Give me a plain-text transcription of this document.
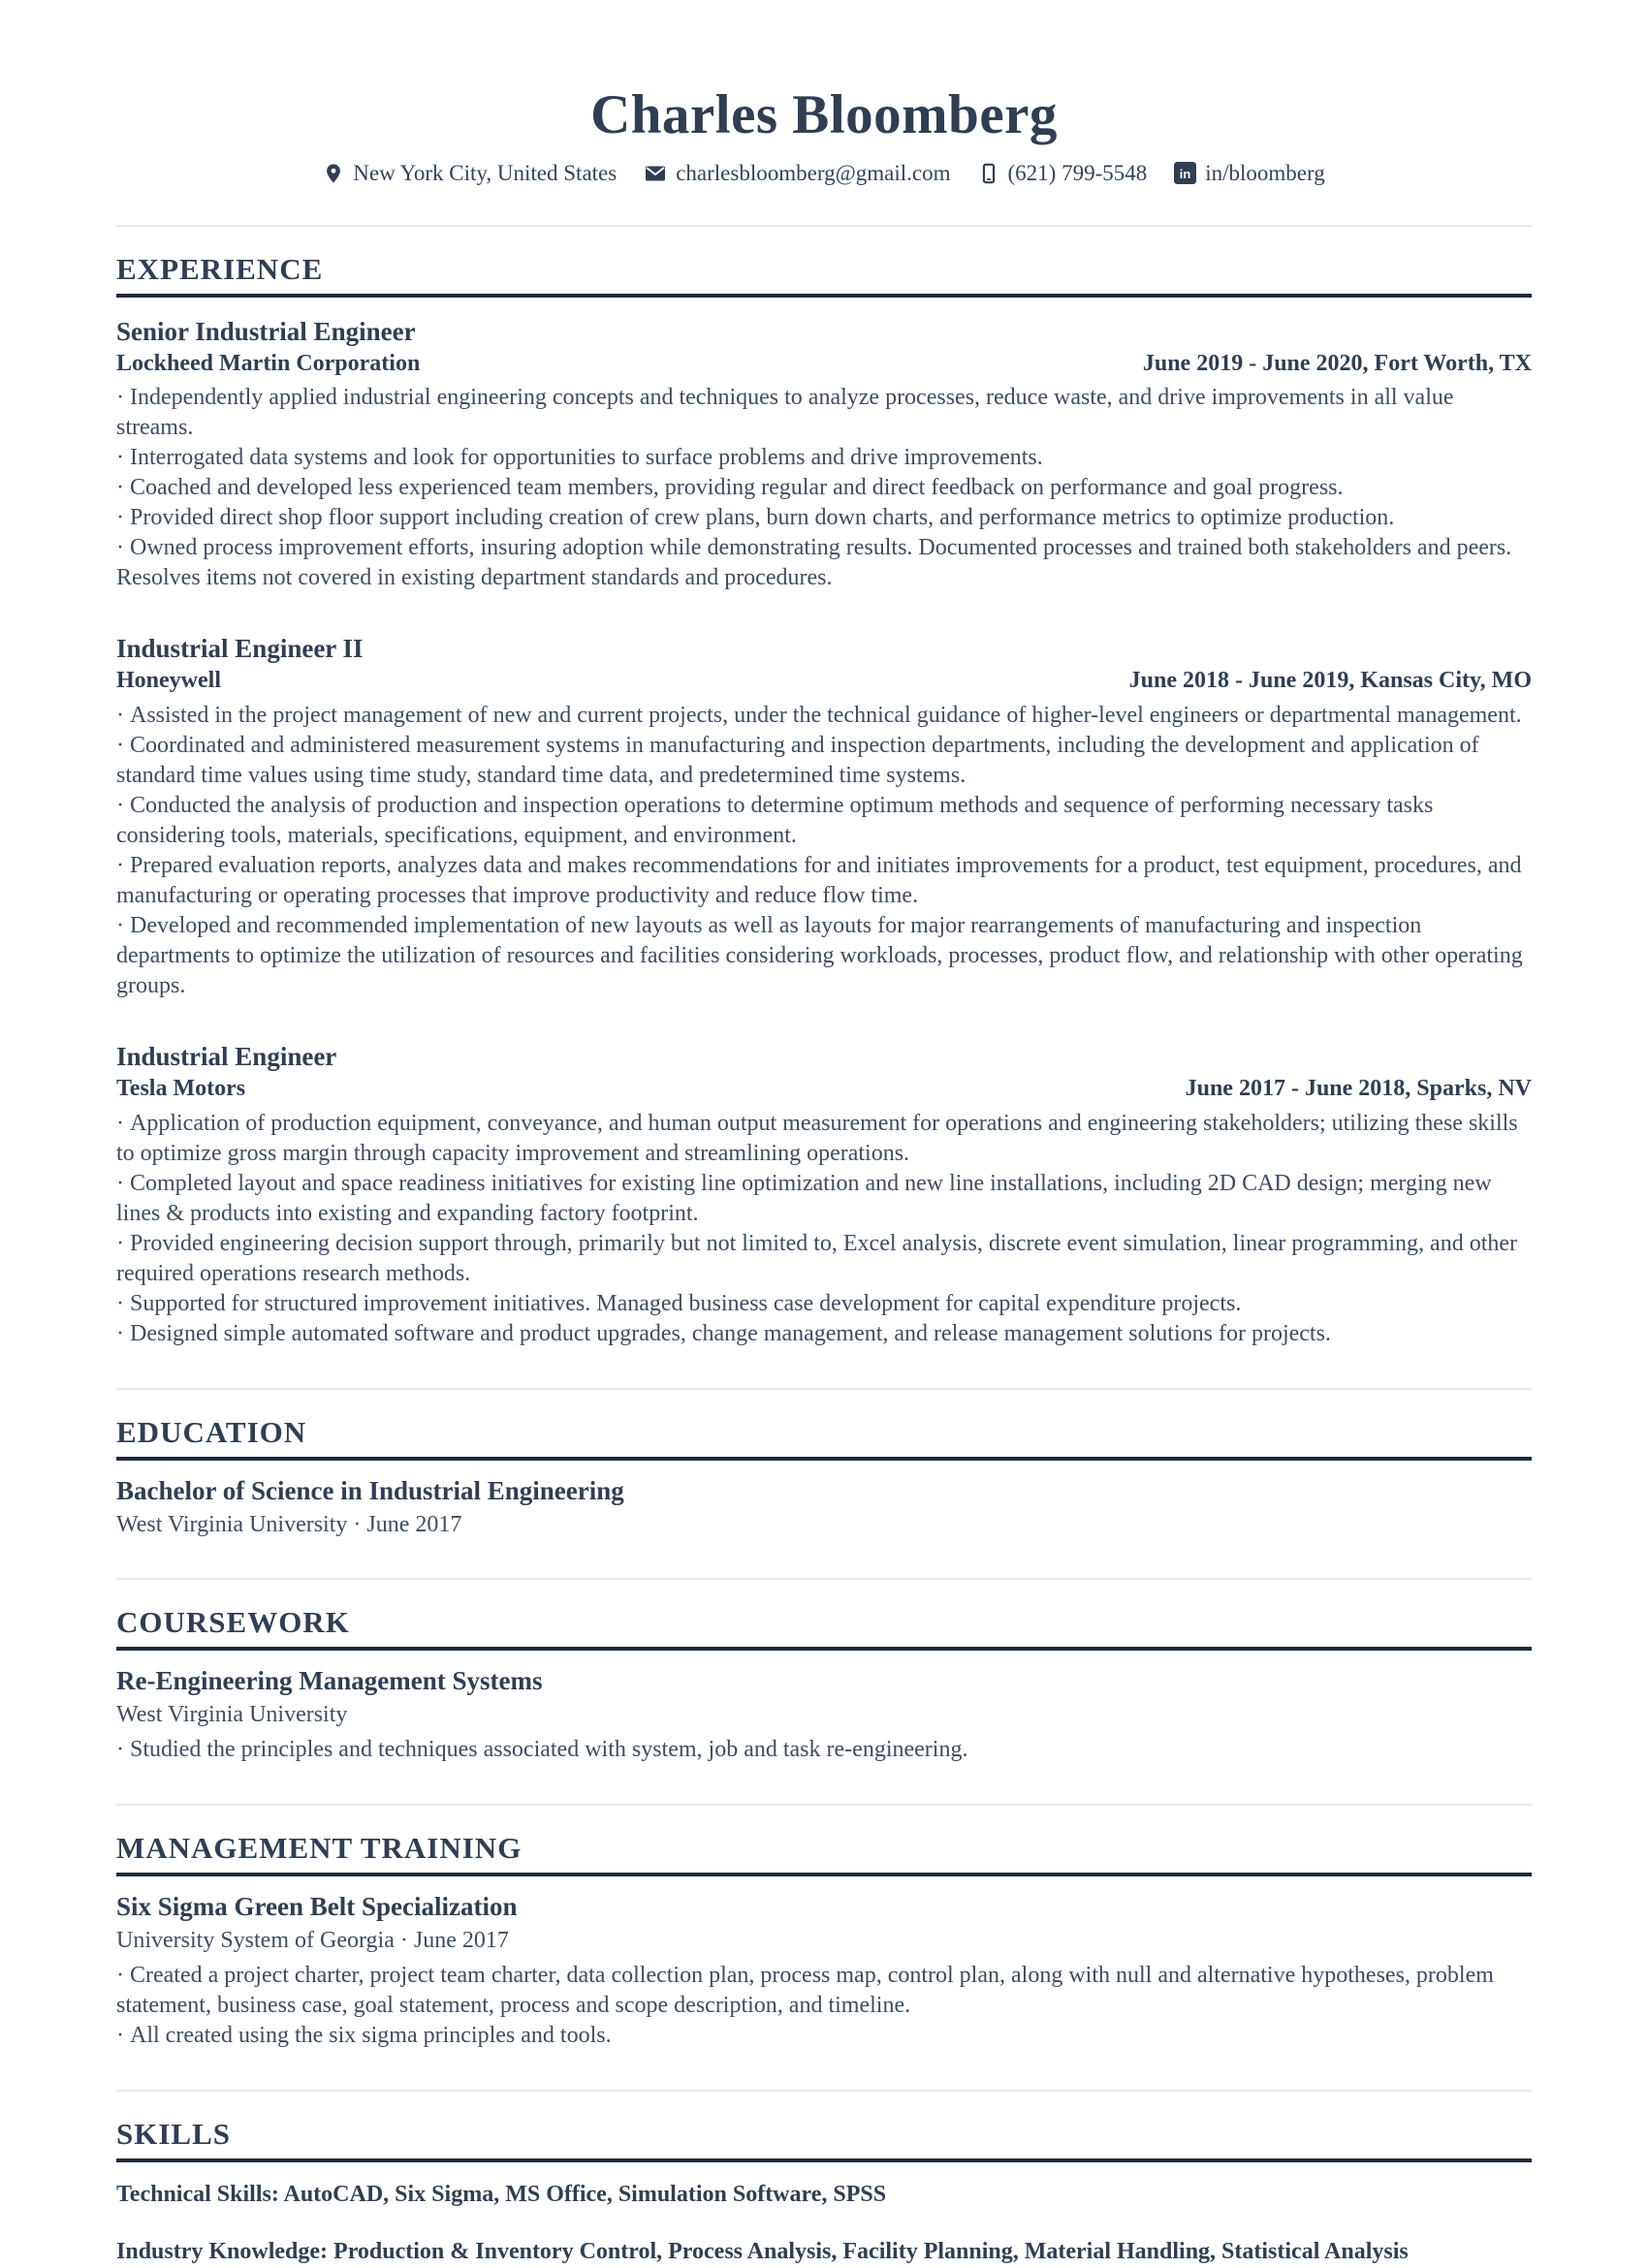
Charles Bloomberg
New York City, United States	charlesbloomberg@gmail.com	(621) 799-5548	in in/bloomberg
EXPERIENCE
Senior Industrial Engineer
Lockheed Martin Corporation	June 2019 - June 2020, Fort Worth, TX
· Independently applied industrial engineering concepts and techniques to analyze processes, reduce waste, and drive improvements in all value streams.
· Interrogated data systems and look for opportunities to surface problems and drive improvements.
· Coached and developed less experienced team members, providing regular and direct feedback on performance and goal progress.
· Provided direct shop floor support including creation of crew plans, burn down charts, and performance metrics to optimize production.
· Owned process improvement efforts, insuring adoption while demonstrating results. Documented processes and trained both stakeholders and peers. Resolves items not covered in existing department standards and procedures.
Industrial Engineer II
Honeywell	June 2018 - June 2019, Kansas City, MO
· Assisted in the project management of new and current projects, under the technical guidance of higher-level engineers or departmental management.
· Coordinated and administered measurement systems in manufacturing and inspection departments, including the development and application of standard time values using time study, standard time data, and predetermined time systems.
· Conducted the analysis of production and inspection operations to determine optimum methods and sequence of performing necessary tasks considering tools, materials, specifications, equipment, and environment.
· Prepared evaluation reports, analyzes data and makes recommendations for and initiates improvements for a product, test equipment, procedures, and manufacturing or operating processes that improve productivity and reduce flow time.
· Developed and recommended implementation of new layouts as well as layouts for major rearrangements of manufacturing and inspection departments to optimize the utilization of resources and facilities considering workloads, processes, product flow, and relationship with other operating groups.
Industrial Engineer
Tesla Motors	June 2017 - June 2018, Sparks, NV
· Application of production equipment, conveyance, and human output measurement for operations and engineering stakeholders; utilizing these skills to optimize gross margin through capacity improvement and streamlining operations.
· Completed layout and space readiness initiatives for existing line optimization and new line installations, including 2D CAD design; merging new lines & products into existing and expanding factory footprint.
· Provided engineering decision support through, primarily but not limited to, Excel analysis, discrete event simulation, linear programming, and other required operations research methods.
· Supported for structured improvement initiatives. Managed business case development for capital expenditure projects.
· Designed simple automated software and product upgrades, change management, and release management solutions for projects.
EDUCATION
Bachelor of Science in Industrial Engineering
West Virginia University · June 2017
COURSEWORK
Re-Engineering Management Systems
West Virginia University
· Studied the principles and techniques associated with system, job and task re-engineering.
MANAGEMENT TRAINING
Six Sigma Green Belt Specialization
University System of Georgia · June 2017
· Created a project charter, project team charter, data collection plan, process map, control plan, along with null and alternative hypotheses, problem statement, business case, goal statement, process and scope description, and timeline.
· All created using the six sigma principles and tools.
SKILLS
Technical Skills: AutoCAD, Six Sigma, MS Office, Simulation Software, SPSS
Industry Knowledge: Production & Inventory Control, Process Analysis, Facility Planning, Material Handling, Statistical Analysis
